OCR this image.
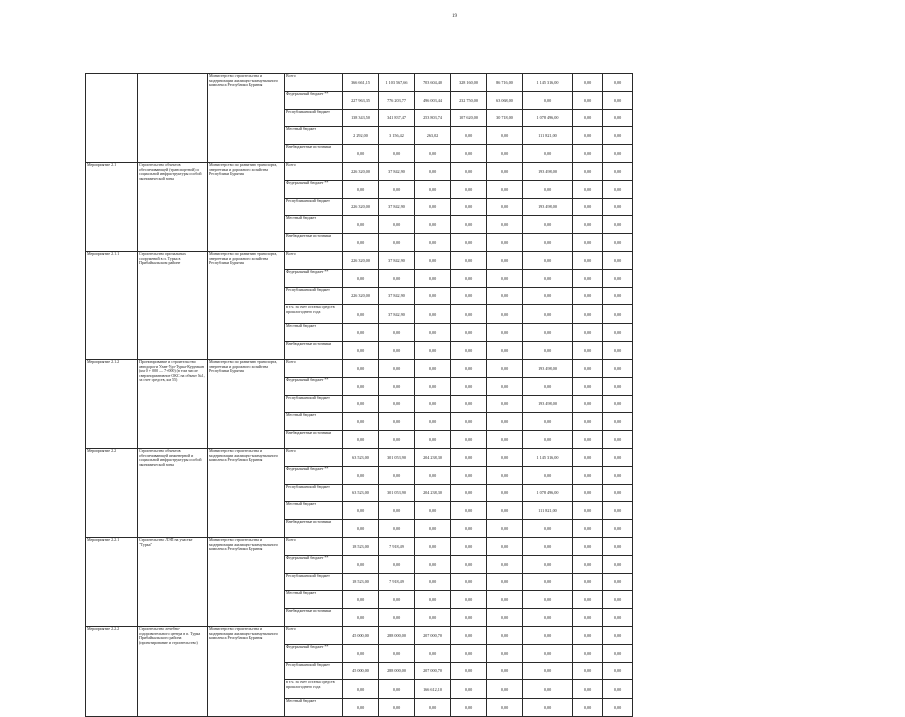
19
		Министерство строительства и модернизации жилищно-коммунального комплекса Республики Бурятия	Всего	366 661,15	1 103 567,66	703 604,40	328 160,00	86 716,00	1 145 316,00	0,00	0,00
			Федеральный бюджет **	227 963,35	776 203,77	496 003,44	232 750,00	63 068,00	0,00	0,00	0,00
			Республиканский бюджет	138 343,50	341 837,47	253 803,74	107 620,00	30 718,00	1 078 496,00	0,00	0,00
			Местный бюджет	2 292,00	3 156,42	263,02	0,00	0,00	111 821,00	0,00	0,00
			Внебюджетные источники	0,00	0,00	0,00	0,00	0,00	0,00	0,00	0,00
Мероприятие 2.1	Строительство объектов обеспечивающей (транспортной) и социальной инфраструктуры особой экономической зоны	Министерство по развитию транспорта, энергетики и дорожного хозяйства Республики Бурятия	Всего	226 320,00	37 842,90	0,00	0,00	0,00	193 498,00	0,00	0,00
			Федеральный бюджет **	0,00	0,00	0,00	0,00	0,00	0,00	0,00	0,00
			Республиканский бюджет	226 320,00	37 842,90	0,00	0,00	0,00	193 498,00	0,00	0,00
			Местный бюджет	0,00	0,00	0,00	0,00	0,00	0,00	0,00	0,00
			Внебюджетные источники	0,00	0,00	0,00	0,00	0,00	0,00	0,00	0,00
Мероприятие 2.1.1	Строительство причальных сооружений в п. Турка в Прибайкальском районе	Министерство по развитию транспорта, энергетики и дорожного хозяйства Республики Бурятия	Всего	226 320,00	37 842,90	0,00	0,00	0,00	0,00	0,00	0,00
			Федеральный бюджет **	0,00	0,00	0,00	0,00	0,00	0,00	0,00	0,00
			Республиканский бюджет	226 320,00	37 842,90	0,00	0,00	0,00	0,00	0,00	0,00
			в т.ч. за счет остатка средств прошлогоднего года	0,00	37 842,90	0,00	0,00	0,00	0,00	0,00	0,00
			Местный бюджет	0,00	0,00	0,00	0,00	0,00	0,00	0,00	0,00
			Внебюджетные источники	0,00	0,00	0,00	0,00	0,00	0,00	0,00	0,00
Мероприятие 2.1.2	Проектирование и строительство автодороги Улан-Удэ-Турка-Курумкан (км 0 + 000 — 7+000) (в том числе сверхнормативное ОКС на объект №1, за счет средств, км 55)	Министерство по развитию транспорта, энергетики и дорожного хозяйства Республики Бурятия	Всего	0,00	0,00	0,00	0,00	0,00	193 498,00	0,00	0,00
			Федеральный бюджет **	0,00	0,00	0,00	0,00	0,00	0,00	0,00	0,00
			Республиканский бюджет	0,00	0,00	0,00	0,00	0,00	193 498,00	0,00	0,00
			Местный бюджет	0,00	0,00	0,00	0,00	0,00	0,00	0,00	0,00
			Внебюджетные источники	0,00	0,00	0,00	0,00	0,00	0,00	0,00	0,00
Мероприятие 2.2	Строительство объектов обеспечивающей инженерной и социальной инфраструктуры особой экономической зоны	Министерство строительства и модернизации жилищно-коммунального комплекса Республики Бурятия	Всего	63 523,00	301 053,90	204 238,30	0,00	0,00	1 145 316,00	0,00	0,00
			Федеральный бюджет **	0,00	0,00	0,00	0,00	0,00	0,00	0,00	0,00
			Республиканский бюджет	63 523,00	301 053,90	204 238,30	0,00	0,00	1 078 496,00	0,00	0,00
			Местный бюджет	0,00	0,00	0,00	0,00	0,00	111 821,00	0,00	0,00
			Внебюджетные источники	0,00	0,00	0,00	0,00	0,00	0,00	0,00	0,00
Мероприятие 2.2.1	Строительство ЛЭП на участке "Турка"	Министерство строительства и модернизации жилищно-коммунального комплекса Республики Бурятия	Всего	18 523,00	7 918,49	0,00	0,00	0,00	0,00	0,00	0,00
			Федеральный бюджет **	0,00	0,00	0,00	0,00	0,00	0,00	0,00	0,00
			Республиканский бюджет	18 523,00	7 918,49	0,00	0,00	0,00	0,00	0,00	0,00
			Местный бюджет	0,00	0,00	0,00	0,00	0,00	0,00	0,00	0,00
			Внебюджетные источники	0,00	0,00	0,00	0,00	0,00	0,00	0,00	0,00
Мероприятие 2.2.2	Строительство лечебно-оздоровительного центра в п. Турка Прибайкальского района (проектирование и строительство)	Министерство строительства и модернизации жилищно-коммунального комплекса Республики Бурятия	Всего	45 000,00	288 000,00	207 000,70	0,00	0,00	0,00	0,00	0,00
			Федеральный бюджет **	0,00	0,00	0,00	0,00	0,00	0,00	0,00	0,00
			Республиканский бюджет	45 000,00	288 000,00	207 000,70	0,00	0,00	0,00	0,00	0,00
			в т.ч. за счет остатка средств прошлогоднего года	0,00	0,00	166 612,10	0,00	0,00	0,00	0,00	0,00
			Местный бюджет	0,00	0,00	0,00	0,00	0,00	0,00	0,00	0,00
